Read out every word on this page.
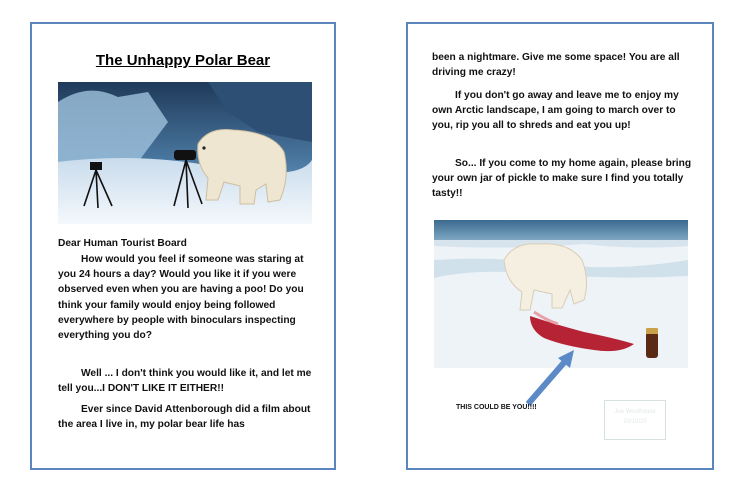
The Unhappy Polar Bear
Dear Human Tourist Board
How would you feel if someone was staring at you 24 hours a day? Would you like it if you were observed even when you are having a poo! Do you think your family would enjoy being followed everywhere by people with binoculars inspecting everything you do?
Well ... I don't think you would like it, and let me tell you...I DON'T LIKE IT EITHER!!
Ever since David Attenborough did a film about the area I live in, my polar bear life has
been a nightmare. Give me some space! You are all driving me crazy!
If you don't go away and leave me to enjoy my own Arctic landscape, I am going to march over to you, rip you all to shreds and eat you up!
So... If you come to my home again, please bring your own jar of pickle to make sure I find you totally tasty!!
THIS COULD BE YOU!!!!
Joe Woolhouse
20/10/20
